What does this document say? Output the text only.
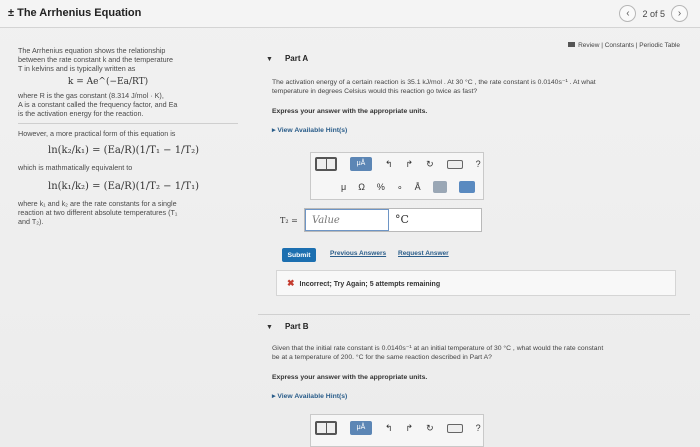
± The Arrhenius Equation	‹	2 of 5	›

The Arrhenius equation shows the relationship
between the rate constant k and the temperature
T in kelvins and is typically written as

k = Ae^(−Ea/RT)

where R is the gas constant (8.314 J/mol · K),
A is a constant called the frequency factor, and Ea
is the activation energy for the reaction.

However, a more practical form of this equation is

ln(k₂/k₁) = (Ea/R)(1/T₁ − 1/T₂)

which is mathmatically equivalent to

ln(k₁/k₂) = (Ea/R)(1/T₂ − 1/T₁)

where k₁ and k₂ are the rate constants for a single
reaction at two different absolute temperatures (T₁
and T₂).

Review | Constants | Periodic Table
▼ Part A
The activation energy of a certain reaction is 35.1 kJ/mol . At 30 °C , the rate constant is 0.0140s⁻¹ . At what
temperature in degrees Celsius would this reaction go twice as fast?
Express your answer with the appropriate units.
▸ View Available Hint(s)
μÅ	↰ ↱ ↻	?
μ Ω % ∘ Å
T₂ =
Value	°C
Submit	Previous Answers Request Answer
✖ Incorrect; Try Again; 5 attempts remaining
▼ Part B
Given that the initial rate constant is 0.0140s⁻¹ at an initial temperature of 30 °C , what would the rate constant
be at a temperature of 200. °C for the same reaction described in Part A?
Express your answer with the appropriate units.
▸ View Available Hint(s)
μÅ	↰ ↱ ↻	?
